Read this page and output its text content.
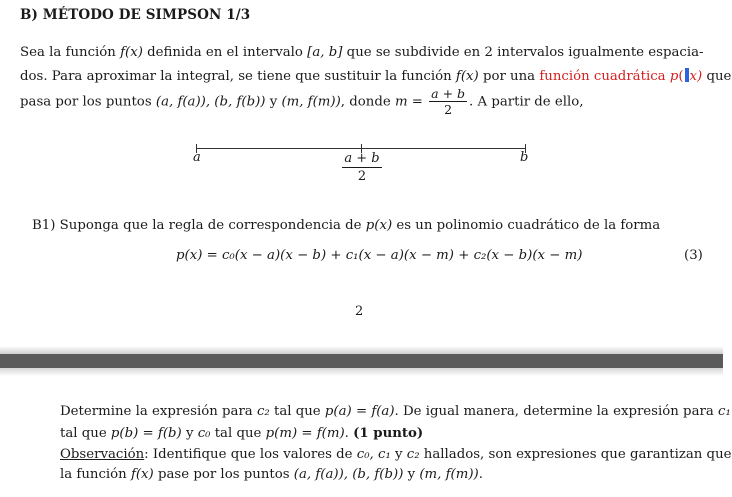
B) MÉTODO DE SIMPSON 1/3
Sea la función f(x) definida en el intervalo [a, b] que se subdivide en 2 intervalos igualmente espacia-
dos. Para aproximar la integral, se tiene que sustituir la función f(x) por una función cuadrática p( x) que
pasa por los puntos (a, f(a)), (b, f(b)) y (m, f(m)), donde $m = \frac{a + b}{2}$ . A partir de ello,
a	$\frac{a + b}{2}$	b
B1) Suponga que la regla de correspondencia de p(x) es un polinomio cuadrático de la forma
p(x) = c₀(x − a)(x − b) + c₁(x − a)(x − m) + c₂(x − b)(x − m)	(3)
2
Determine la expresión para c₂ tal que p(a) = f(a). De igual manera, determine la expresión para c₁
tal que p(b) = f(b) y c₀ tal que p(m) = f(m). (1 punto)
Observación: Identifique que los valores de c₀, c₁ y c₂ hallados, son expresiones que garantizan que
la función f(x) pase por los puntos (a, f(a)), (b, f(b)) y (m, f(m)).
